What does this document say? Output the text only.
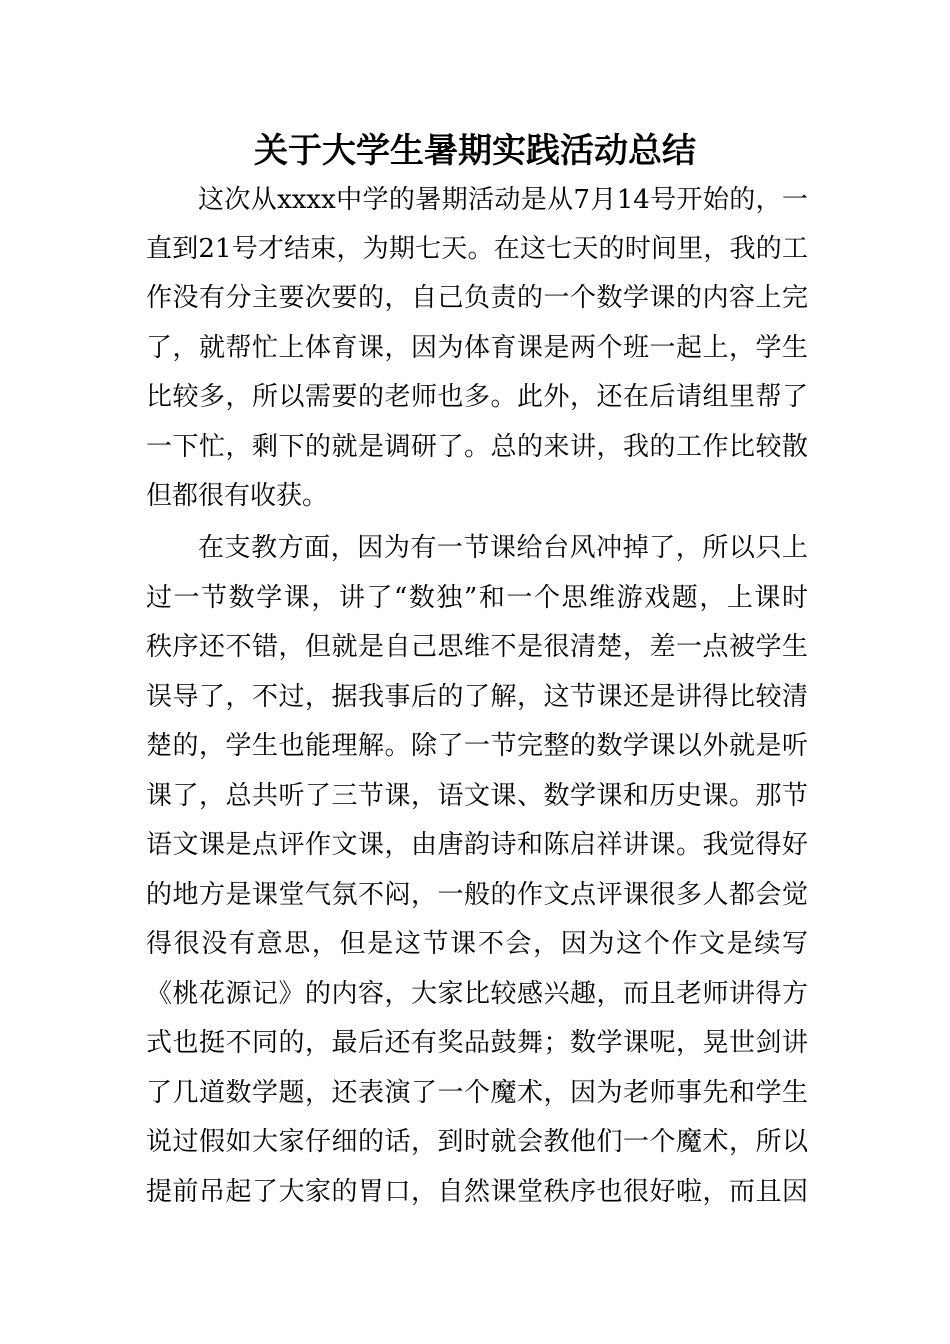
关于大学生暑期实践活动总结
这次从xxxx中学的暑期活动是从7月14号开始的，一
直到21号才结束，为期七天。在这七天的时间里，我的工
作没有分主要次要的，自己负责的一个数学课的内容上完
了，就帮忙上体育课，因为体育课是两个班一起上，学生
比较多，所以需要的老师也多。此外，还在后请组里帮了
一下忙，剩下的就是调研了。总的来讲，我的工作比较散
但都很有收获。
在支教方面，因为有一节课给台风冲掉了，所以只上
过一节数学课，讲了“数独”和一个思维游戏题，上课时
秩序还不错，但就是自己思维不是很清楚，差一点被学生
误导了，不过，据我事后的了解，这节课还是讲得比较清
楚的，学生也能理解。除了一节完整的数学课以外就是听
课了，总共听了三节课，语文课、数学课和历史课。那节
语文课是点评作文课，由唐韵诗和陈启祥讲课。我觉得好
的地方是课堂气氛不闷，一般的作文点评课很多人都会觉
得很没有意思，但是这节课不会，因为这个作文是续写
《桃花源记》的内容，大家比较感兴趣，而且老师讲得方
式也挺不同的，最后还有奖品鼓舞；数学课呢，晃世剑讲
了几道数学题，还表演了一个魔术，因为老师事先和学生
说过假如大家仔细的话，到时就会教他们一个魔术，所以
提前吊起了大家的胃口，自然课堂秩序也很好啦，而且因
